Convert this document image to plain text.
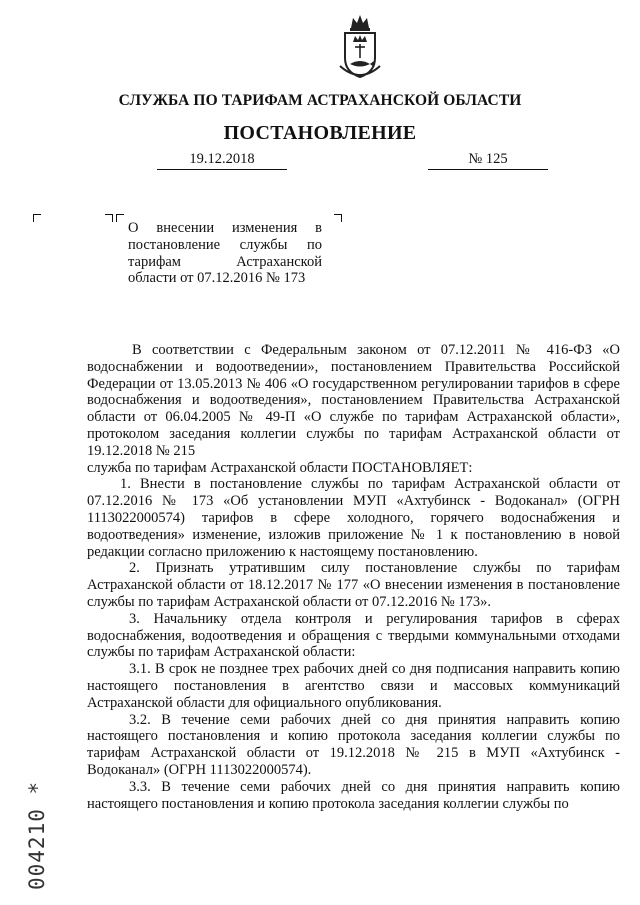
СЛУЖБА ПО ТАРИФАМ АСТРАХАНСКОЙ ОБЛАСТИ
ПОСТАНОВЛЕНИЕ
19.12.2018	№ 125
О внесении изменения в
постановление службы по
тарифам Астраханской
области от 07.12.2016 № 173

В соответствии с Федеральным законом от 07.12.2011 № 416-ФЗ «О водоснабжении и водоотведении», постановлением Правительства Российской Федерации от 13.05.2013 № 406 «О государственном регулировании тарифов в сфере водоснабжения и водоотведения», постановлением Правительства Астраханской области от 06.04.2005 № 49-П «О службе по тарифам Астраханской области», протоколом заседания коллегии службы по тарифам Астраханской области от 19.12.2018 № 215

служба по тарифам Астраханской области ПОСТАНОВЛЯЕТ:

1. Внести в постановление службы по тарифам Астраханской области от 07.12.2016 № 173 «Об установлении МУП «Ахтубинск - Водоканал» (ОГРН 1113022000574) тарифов в сфере холодного, горячего водоснабжения и водоотведения» изменение, изложив приложение № 1 к постановлению в новой редакции согласно приложению к настоящему постановлению.

2. Признать утратившим силу постановление службы по тарифам Астраханской области от 18.12.2017 № 177 «О внесении изменения в постановление службы по тарифам Астраханской области от 07.12.2016 № 173».

3. Начальнику отдела контроля и регулирования тарифов в сферах водоснабжения, водоотведения и обращения с твердыми коммунальными отходами службы по тарифам Астраханской области:

3.1. В срок не позднее трех рабочих дней со дня подписания направить копию настоящего постановления в агентство связи и массовых коммуникаций Астраханской области для официального опубликования.

3.2. В течение семи рабочих дней со дня принятия направить копию настоящего постановления и копию протокола заседания коллегии службы по тарифам Астраханской области от 19.12.2018 № 215 в МУП «Ахтубинск - Водоканал» (ОГРН 1113022000574).

3.3. В течение семи рабочих дней со дня принятия направить копию настоящего постановления и копию протокола заседания коллегии службы по

004210 *
